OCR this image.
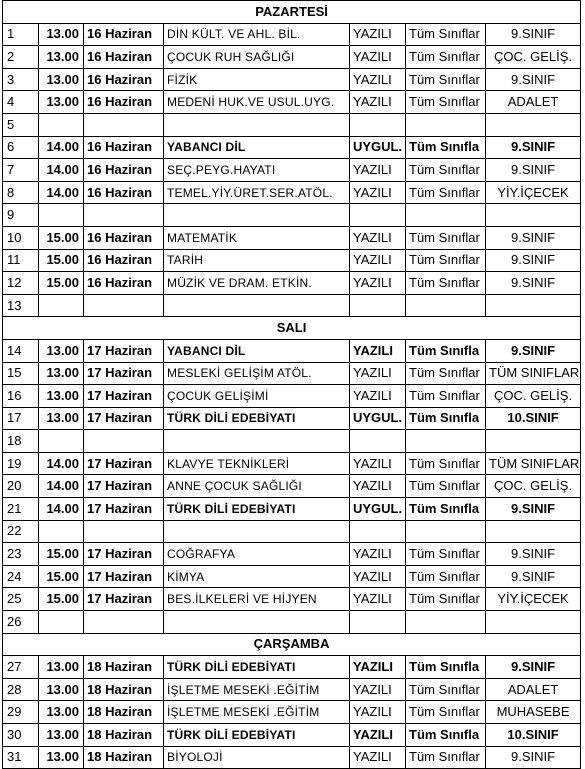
PAZARTESİ						
1	13.00	16 Haziran	DİN KÜLT. VE AHL. BİL.	YAZILI	Tüm Sınıflar	9.SINIF
2	13.00	16 Haziran	ÇOCUK RUH SAĞLIĞI	YAZILI	Tüm Sınıflar	ÇOC. GELİŞ.
3	13.00	16 Haziran	FİZİK	YAZILI	Tüm Sınıflar	9.SINIF
4	13.00	16 Haziran	MEDENİ HUK.VE USUL.UYG.	YAZILI	Tüm Sınıflar	ADALET
5						
6	14.00	16 Haziran	YABANCI DİL	UYGUL.	Tüm Sınıfla	9.SINIF
7	14.00	16 Haziran	SEÇ.PEYG.HAYATI	YAZILI	Tüm Sınıflar	9.SINIF
8	14.00	16 Haziran	TEMEL.YİY.ÜRET.SER.ATÖL.	YAZILI	Tüm Sınıflar	YİY.İÇECEK
9						
10	15.00	16 Haziran	MATEMATİK	YAZILI	Tüm Sınıflar	9.SINIF
11	15.00	16 Haziran	TARİH	YAZILI	Tüm Sınıflar	9.SINIF
12	15.00	16 Haziran	MÜZİK VE DRAM. ETKİN.	YAZILI	Tüm Sınıflar	9.SINIF
13						
SALI						
14	13.00	17 Haziran	YABANCI DİL	YAZILI	Tüm Sınıfla	9.SINIF
15	13.00	17 Haziran	MESLEKİ GELİŞİM ATÖL.	YAZILI	Tüm Sınıflar	TÜM SINIFLAR
16	13.00	17 Haziran	ÇOCUK GELİŞİMİ	YAZILI	Tüm Sınıflar	ÇOC. GELİŞ.
17	13.00	17 Haziran	TÜRK DİLİ EDEBİYATI	UYGUL.	Tüm Sınıfla	10.SINIF
18						
19	14.00	17 Haziran	KLAVYE TEKNİKLERİ	YAZILI	Tüm Sınıflar	TÜM SINIFLAR
20	14.00	17 Haziran	ANNE ÇOCUK SAĞLIĞI	YAZILI	Tüm Sınıflar	ÇOC. GELİŞ.
21	14.00	17 Haziran	TÜRK DİLİ EDEBİYATI	UYGUL.	Tüm Sınıfla	9.SINIF
22						
23	15.00	17 Haziran	COĞRAFYA	YAZILI	Tüm Sınıflar	9.SINIF
24	15.00	17 Haziran	KİMYA	YAZILI	Tüm Sınıflar	9.SINIF
25	15.00	17 Haziran	BES.İLKELERİ VE HİJYEN	YAZILI	Tüm Sınıflar	YİY.İÇECEK
26						
ÇARŞAMBA						
27	13.00	18 Haziran	TÜRK DİLİ EDEBİYATI	YAZILI	Tüm Sınıfla	9.SINIF
28	13.00	18 Haziran	İŞLETME MESEKİ .EĞİTİM	YAZILI	Tüm Sınıflar	ADALET
29	13.00	18 Haziran	İŞLETME MESEKİ .EĞİTİM	YAZILI	Tüm Sınıflar	MUHASEBE
30	13.00	18 Haziran	TÜRK DİLİ EDEBİYATI	YAZILI	Tüm Sınıfla	10.SINIF
31	13.00	18 Haziran	BİYOLOJİ	YAZILI	Tüm Sınıflar	9.SINIF
